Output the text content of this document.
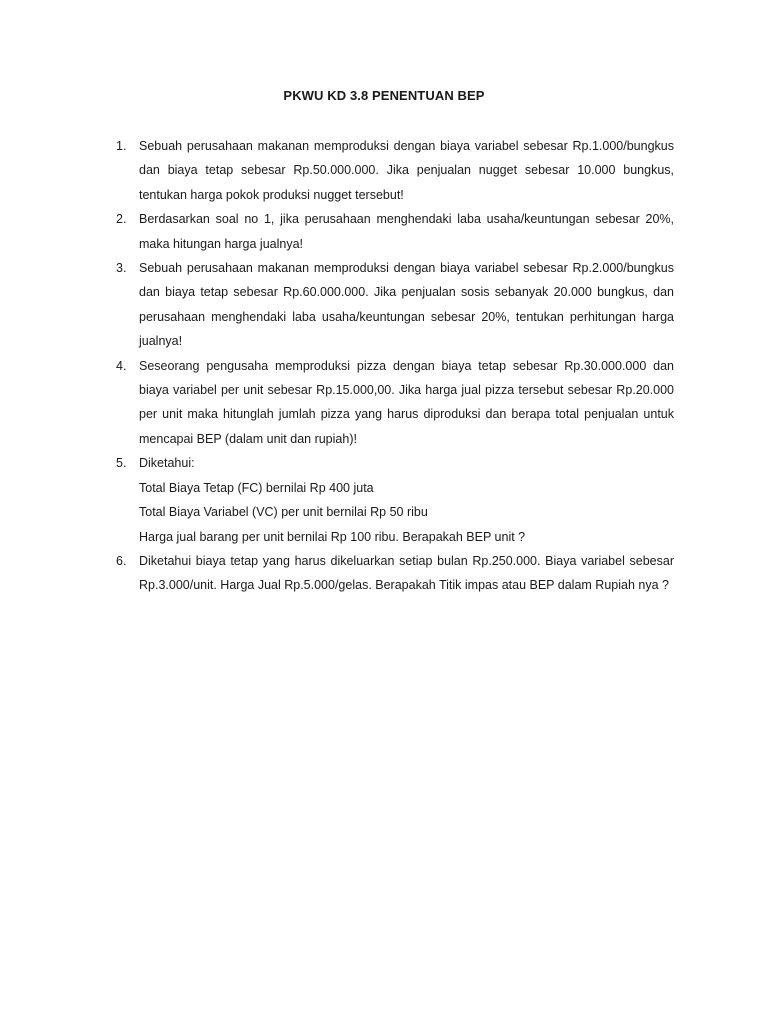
PKWU KD 3.8 PENENTUAN BEP
1. Sebuah perusahaan makanan memproduksi dengan biaya variabel sebesar Rp.1.000/bungkus dan biaya tetap sebesar Rp.50.000.000. Jika penjualan nugget sebesar 10.000 bungkus, tentukan harga pokok produksi nugget tersebut!
2. Berdasarkan soal no 1, jika perusahaan menghendaki laba usaha/keuntungan sebesar 20%, maka hitungan harga jualnya!
3. Sebuah perusahaan makanan memproduksi dengan biaya variabel sebesar Rp.2.000/bungkus dan biaya tetap sebesar Rp.60.000.000. Jika penjualan sosis sebanyak 20.000 bungkus, dan perusahaan menghendaki laba usaha/keuntungan sebesar 20%, tentukan perhitungan harga jualnya!
4. Seseorang pengusaha memproduksi pizza dengan biaya tetap sebesar Rp.30.000.000 dan biaya variabel per unit sebesar Rp.15.000,00. Jika harga jual pizza tersebut sebesar Rp.20.000 per unit maka hitunglah jumlah pizza yang harus diproduksi dan berapa total penjualan untuk mencapai BEP (dalam unit dan rupiah)!
5. Diketahui:
Total Biaya Tetap (FC) bernilai Rp 400 juta
Total Biaya Variabel (VC) per unit bernilai Rp 50 ribu
Harga jual barang per unit bernilai Rp 100 ribu. Berapakah BEP unit ?
6. Diketahui biaya tetap yang harus dikeluarkan setiap bulan Rp.250.000. Biaya variabel sebesar Rp.3.000/unit. Harga Jual Rp.5.000/gelas. Berapakah Titik impas atau BEP dalam Rupiah nya ?
